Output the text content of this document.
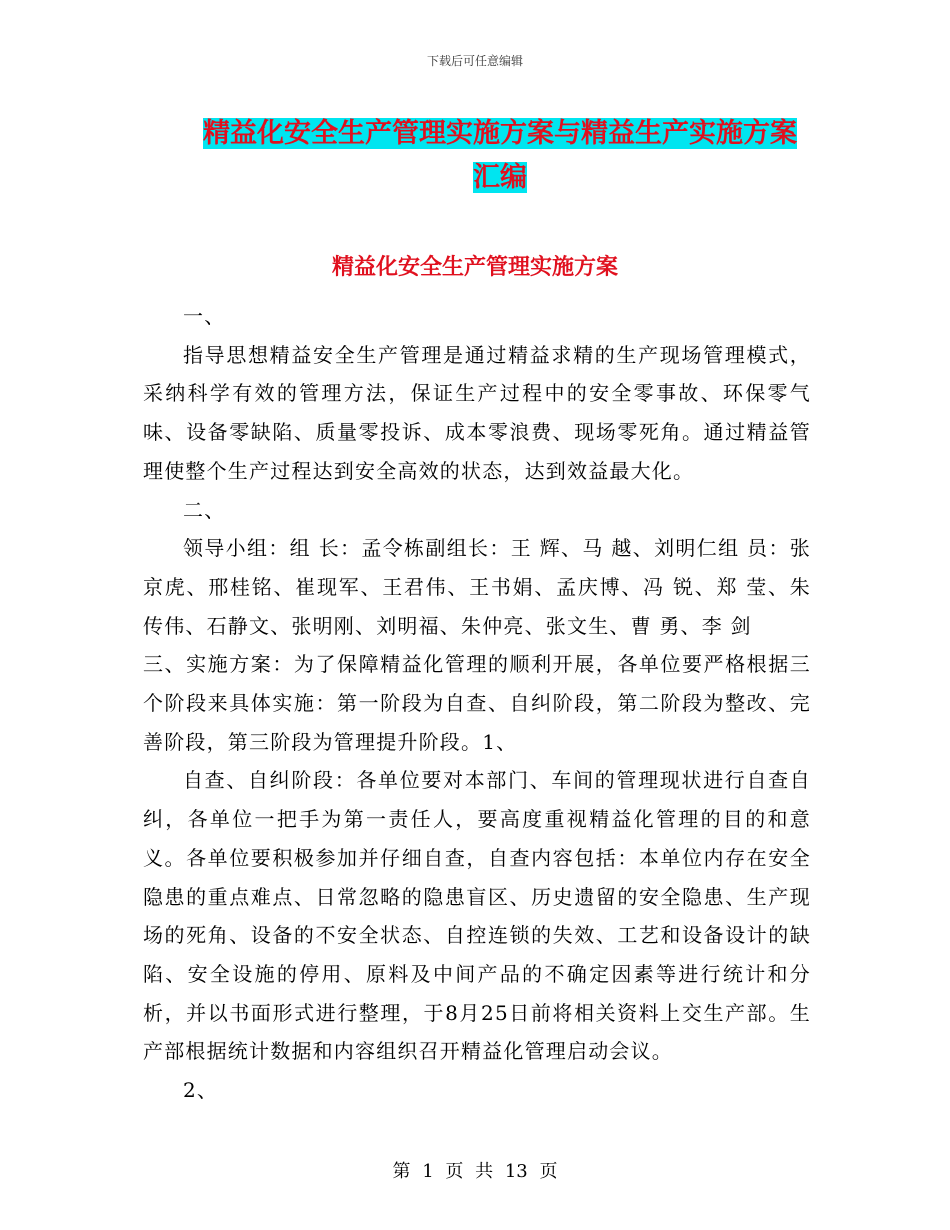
下载后可任意编辑
精益化安全生产管理实施方案与精益生产实施方案汇编
精益化安全生产管理实施方案

一、

指导思想精益安全生产管理是通过精益求精的生产现场管理模式，采纳科学有效的管理方法，保证生产过程中的安全零事故、环保零气味、设备零缺陷、质量零投诉、成本零浪费、现场零死角。通过精益管理使整个生产过程达到安全高效的状态，达到效益最大化。

二、

领导小组：组 长：孟令栋副组长：王 辉、马 越、刘明仁组 员：张京虎、邢桂铭、崔现军、王君伟、王书娟、孟庆博、冯 锐、郑 莹、朱传伟、石静文、张明刚、刘明福、朱仲亮、张文生、曹 勇、李 剑

三、实施方案：为了保障精益化管理的顺利开展，各单位要严格根据三个阶段来具体实施：第一阶段为自查、自纠阶段，第二阶段为整改、完善阶段，第三阶段为管理提升阶段。1、

自查、自纠阶段：各单位要对本部门、车间的管理现状进行自查自纠，各单位一把手为第一责任人，要高度重视精益化管理的目的和意义。各单位要积极参加并仔细自查，自查内容包括：本单位内存在安全隐患的重点难点、日常忽略的隐患盲区、历史遗留的安全隐患、生产现场的死角、设备的不安全状态、自控连锁的失效、工艺和设备设计的缺陷、安全设施的停用、原料及中间产品的不确定因素等进行统计和分析，并以书面形式进行整理，于8月25日前将相关资料上交生产部。生产部根据统计数据和内容组织召开精益化管理启动会议。

2、

第 1 页 共 13 页
